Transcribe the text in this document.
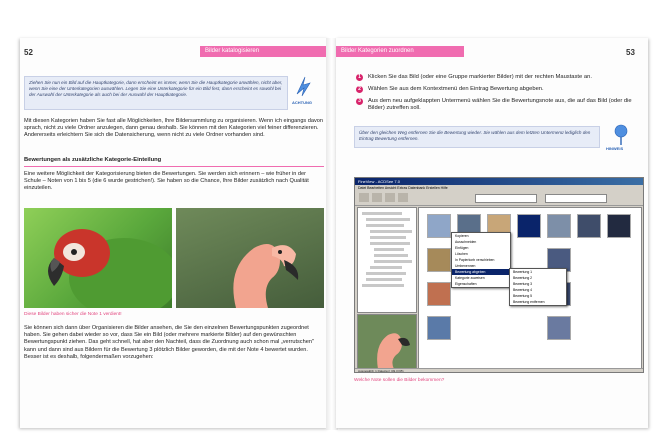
52	Bilder katalogisieren
Ziehen Sie nun ein Bild auf die Hauptkategorie, dann erscheint es immer, wenn Sie die Hauptkategorie anwählen, nicht aber, wenn Sie eine der Unterkategorien auswählen. Legen Sie eine Unterkategorie für ein Bild fest, dann erscheint es sowohl bei der Auswahl der Unterkategorie als auch bei der Auswahl der Hauptkategorie.
ACHTUNG
Mit diesen Kategorien haben Sie fast alle Möglichkeiten, Ihre Bildersammlung zu organisieren. Wenn ich eingangs davon sprach, nicht zu viele Ordner anzulegen, dann genau deshalb. Sie können mit den Kategorien viel feiner differenzieren. Andererseits erleichtern Sie sich die Datensicherung, wenn nicht zu viele Ordner vorhanden sind.
Bewertungen als zusätzliche Kategorie-Einteilung
Eine weitere Möglichkeit der Kategorisierung bieten die Bewertungen. Sie werden sich erinnern – wie früher in der Schule – Noten von 1 bis 5 (die 6 wurde gestrichen!). Sie haben so die Chance, Ihre Bilder zusätzlich nach Qualität einzuteilen.
Diese Bilder haben sicher die Note 1 verdient!
Sie können sich dann über Organisieren die Bilder ansehen, die Sie den einzelnen Bewertungspunkten zugeordnet haben. Sie gehen dabei wieder so vor, dass Sie ein Bild (oder mehrere markierte Bilder) auf den gewünschten Bewertungspunkt ziehen. Das geht schnell, hat aber den Nachteil, dass die Zuordnung auch schon mal „verrutschen" kann und dann sind aus Bildern für die Bewertung 3 plötzlich Bilder geworden, die mit der Note 4 bewertet wurden. Besser ist es deshalb, folgendermaßen vorzugehen:
Bilder Kategorien zuordnen	53
1	Klicken Sie das Bild (oder eine Gruppe markierter Bilder) mit der rechten Maustaste an.
2	Wählen Sie aus dem Kontextmenü den Eintrag Bewertung abgeben.
3	Aus dem neu aufgeklappten Untermenü wählen Sie die Bewertungsnote aus, die auf das Bild (oder die Bilder) zutreffen soll.
Über den gleichen Weg entfernen Sie die Bewertung wieder. Sie wählen aus dem letzten Untermenü lediglich den Eintrag Bewertung entfernen.
HINWEIS
Welche Note sollen die Bilder bekommen?
FineView - ACDSee 7.0
Datei Bearbeiten Ansicht Extras Datenbank Erstellen Hilfe
Kopieren
Ausschneiden
Einfügen
Löschen
In Papierkorb verschieben
Umbenennen
Bewertung abgeben
Kategorie zuweisen
Eigenschaften
Bewertung 1
Bewertung 2
Bewertung 3
Bewertung 4
Bewertung 5
Bewertung entfernen
Ausgewählt: 1 Datei(en) (49,3 KB)
